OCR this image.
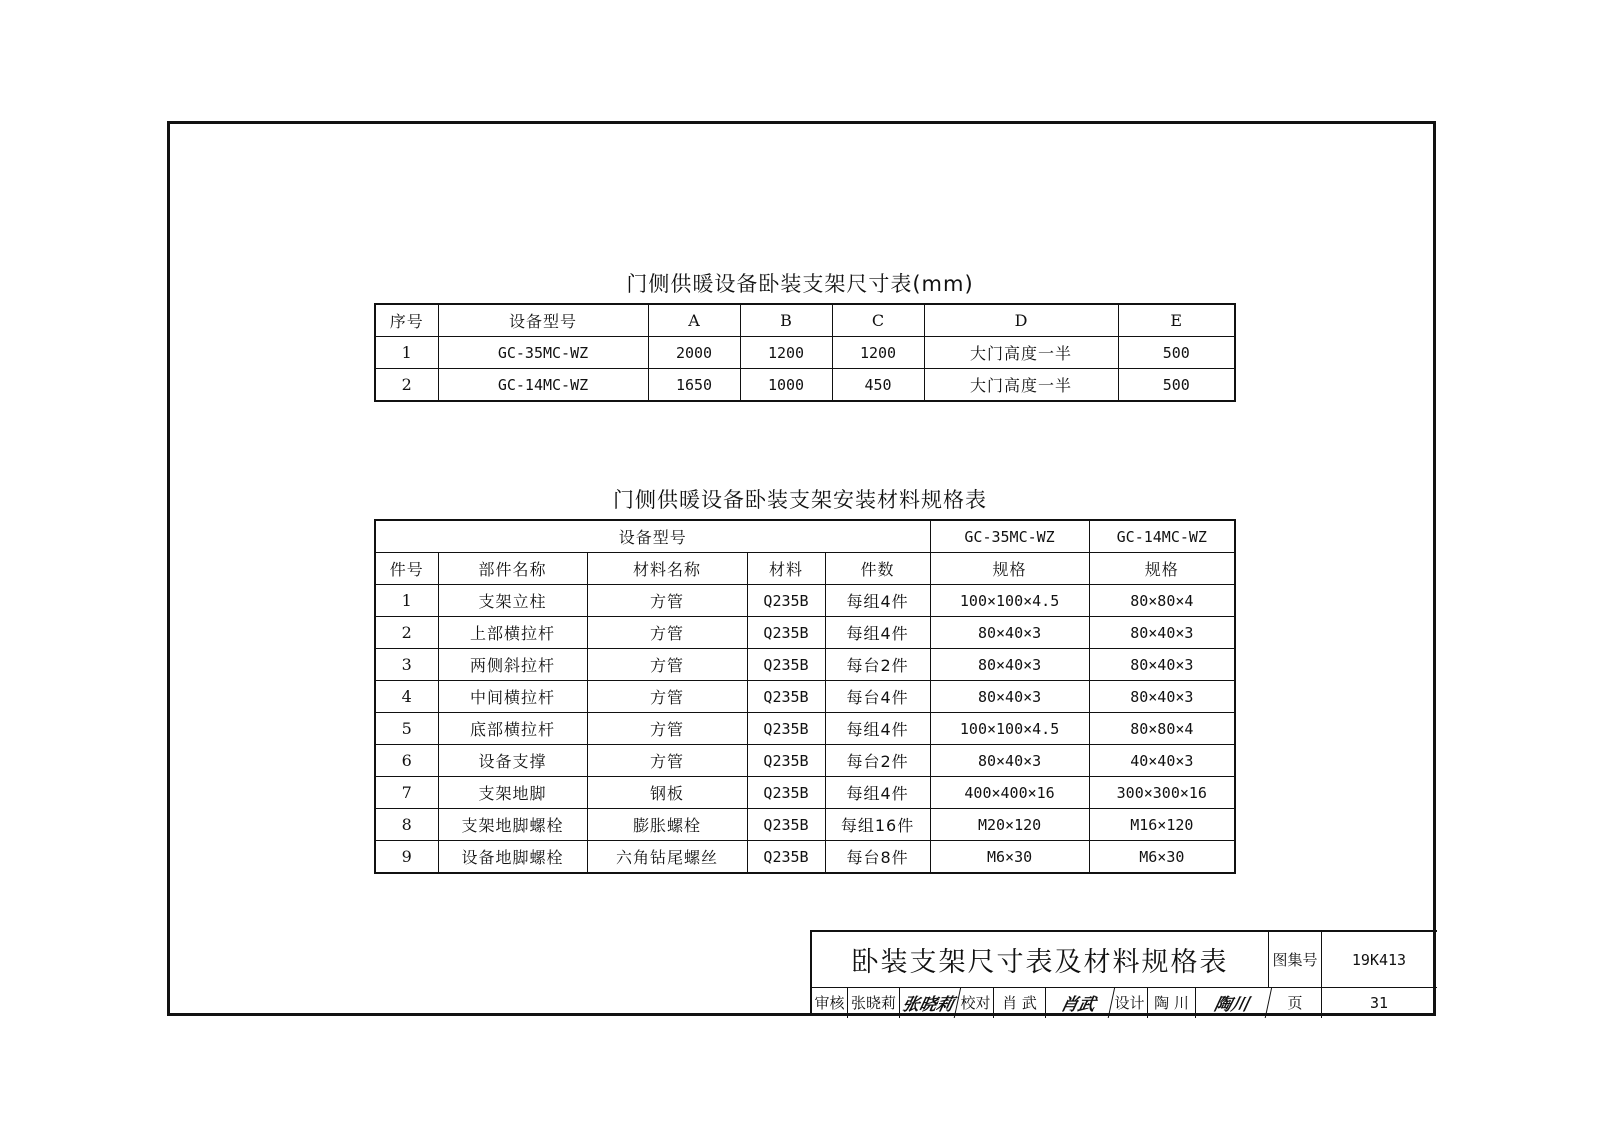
门侧供暖设备卧装支架尺寸表(mm)
序号	设备型号	A	B	C	D	E
1	GC-35MC-WZ	2000	1200	1200	大门高度一半	500
2	GC-14MC-WZ	1650	1000	450	大门高度一半	500
门侧供暖设备卧装支架安装材料规格表
设备型号					GC-35MC-WZ	GC-14MC-WZ
件号	部件名称	材料名称	材料	件数	规格	规格
1	支架立柱	方管	Q235B	每组4件	100×100×4.5	80×80×4
2	上部横拉杆	方管	Q235B	每组4件	80×40×3	80×40×3
3	两侧斜拉杆	方管	Q235B	每台2件	80×40×3	80×40×3
4	中间横拉杆	方管	Q235B	每台4件	80×40×3	80×40×3
5	底部横拉杆	方管	Q235B	每组4件	100×100×4.5	80×80×4
6	设备支撑	方管	Q235B	每台2件	80×40×3	40×40×3
7	支架地脚	钢板	Q235B	每组4件	400×400×16	300×300×16
8	支架地脚螺栓	膨胀螺栓	Q235B	每组16件	M20×120	M16×120
9	设备地脚螺栓	六角钻尾螺丝	Q235B	每台8件	M6×30	M6×30
卧装支架尺寸表及材料规格表	图集号	19K413
审核 张晓莉 张晓莉 校对 肖 武	肖武	设计 陶 川	陶川	页	31
